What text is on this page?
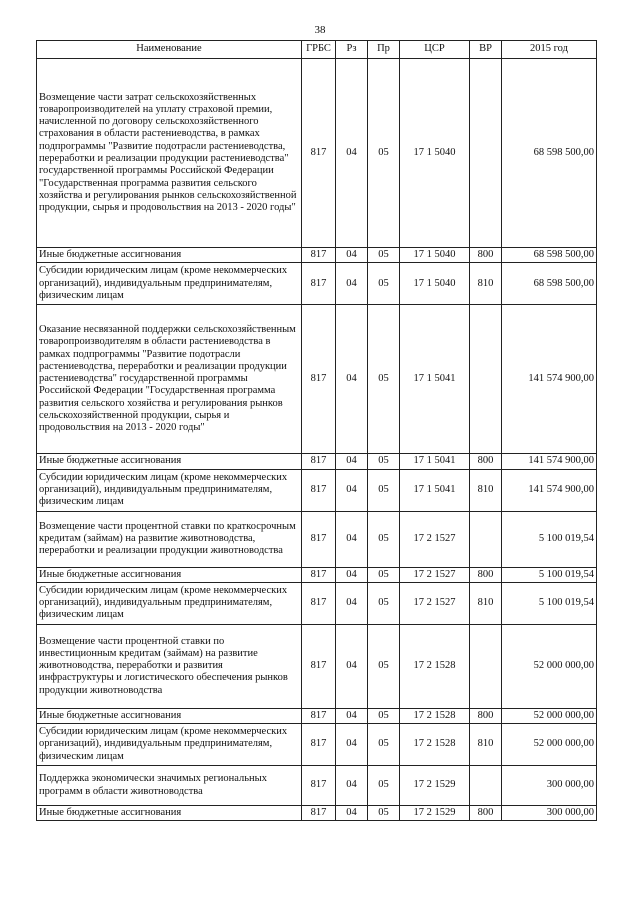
38
Наименование	ГРБС	Рз	Пр	ЦСР	ВР	2015 год
Возмещение части затрат сельскохозяйственных товаропроизводителей на уплату страховой премии, начисленной по договору сельскохозяйственного страхования в области растениеводства, в рамках подпрограммы "Развитие подотрасли растениеводства, переработки и реализации продукции растениеводства" государственной программы Российской Федерации "Государственная программа развития сельского хозяйства и регулирования рынков сельскохозяйственной продукции, сырья и продовольствия на 2013 - 2020 годы"	817	04	05	17 1 5040		68 598 500,00
Иные бюджетные ассигнования	817	04	05	17 1 5040	800	68 598 500,00
Субсидии юридическим лицам (кроме некоммерческих организаций), индивидуальным предпринимателям, физическим лицам	817	04	05	17 1 5040	810	68 598 500,00
Оказание несвязанной поддержки сельскохозяйственным товаропроизводителям в области растениеводства в рамках подпрограммы "Развитие подотрасли растениеводства, переработки и реализации продукции растениеводства" государственной программы Российской Федерации "Государственная программа развития сельского хозяйства и регулирования рынков сельскохозяйственной продукции, сырья и продовольствия на 2013 - 2020 годы"	817	04	05	17 1 5041		141 574 900,00
Иные бюджетные ассигнования	817	04	05	17 1 5041	800	141 574 900,00
Субсидии юридическим лицам (кроме некоммерческих организаций), индивидуальным предпринимателям, физическим лицам	817	04	05	17 1 5041	810	141 574 900,00
Возмещение части процентной ставки по краткосрочным кредитам (займам) на развитие животноводства, переработки и реализации продукции животноводства	817	04	05	17 2 1527		5 100 019,54
Иные бюджетные ассигнования	817	04	05	17 2 1527	800	5 100 019,54
Субсидии юридическим лицам (кроме некоммерческих организаций), индивидуальным предпринимателям, физическим лицам	817	04	05	17 2 1527	810	5 100 019,54
Возмещение части процентной ставки по инвестиционным кредитам (займам) на развитие животноводства, переработки и развития инфраструктуры и логистического обеспечения рынков продукции животноводства	817	04	05	17 2 1528		52 000 000,00
Иные бюджетные ассигнования	817	04	05	17 2 1528	800	52 000 000,00
Субсидии юридическим лицам (кроме некоммерческих организаций), индивидуальным предпринимателям, физическим лицам	817	04	05	17 2 1528	810	52 000 000,00
Поддержка экономически значимых региональных программ в области животноводства	817	04	05	17 2 1529		300 000,00
Иные бюджетные ассигнования	817	04	05	17 2 1529	800	300 000,00
